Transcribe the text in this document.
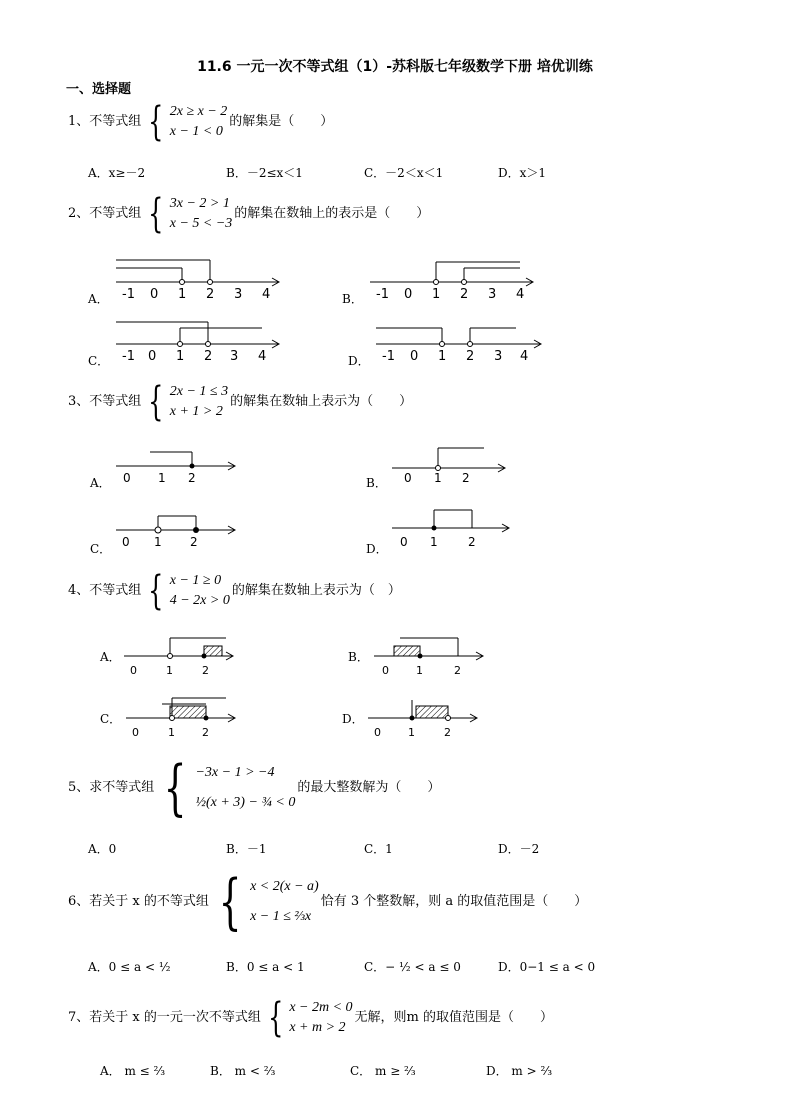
11.6 一元一次不等式组（1）-苏科版七年级数学下册 培优训练
一、选择题
1、不等式组 { 2x ≥ x − 2
x − 1 < 0
的解集是（　　）
A．x≥－2	B．－2≤x＜1	C．－2＜x＜1	D．x＞1
2、不等式组 { 3x − 2 > 1
x − 5 < −3
的解集在数轴上的表示是（　　）
A． -1 0 1 2 3 4	B． -1 0 1 2 3 4
C． -1 0 1 2 3 4	D． -1 0 1 2 3 4
3、不等式组 { 2x − 1 ≤ 3
x + 1 > 2
的解集在数轴上表示为（　　）
A． 0 1 2	B． 0 1 2
C． 0 1 2	D． 0 1	2
4、不等式组 { x − 1 ≥ 0
4 − 2x > 0
的解集在数轴上表示为（　）
A．
0	1	2
B．
0 1	2
C．
0	1 2
D．
0 1	2
5、求不等式组 { −3x − 1 > −4
½(x + 3) − ¾ < 0
的最大整数解为（　　）
A．0	B．－1	C．1	D．－2
6、若关于 x 的不等式组 { x < 2(x − a)
x − 1 ≤ ⅔x
恰有 3 个整数解，则 a 的取值范围是（　　）
A．0 ≤ a < ½	B．0 ≤ a < 1	C．− ½ < a ≤ 0	D．0−1 ≤ a < 0
7、若关于 x 的一元一次不等式组 { x − 2m < 0
x + m > 2
无解，则m 的取值范围是（　　）
A． m ≤ ⅔	B． m < ⅔	C． m ≥ ⅔	D． m > ⅔
